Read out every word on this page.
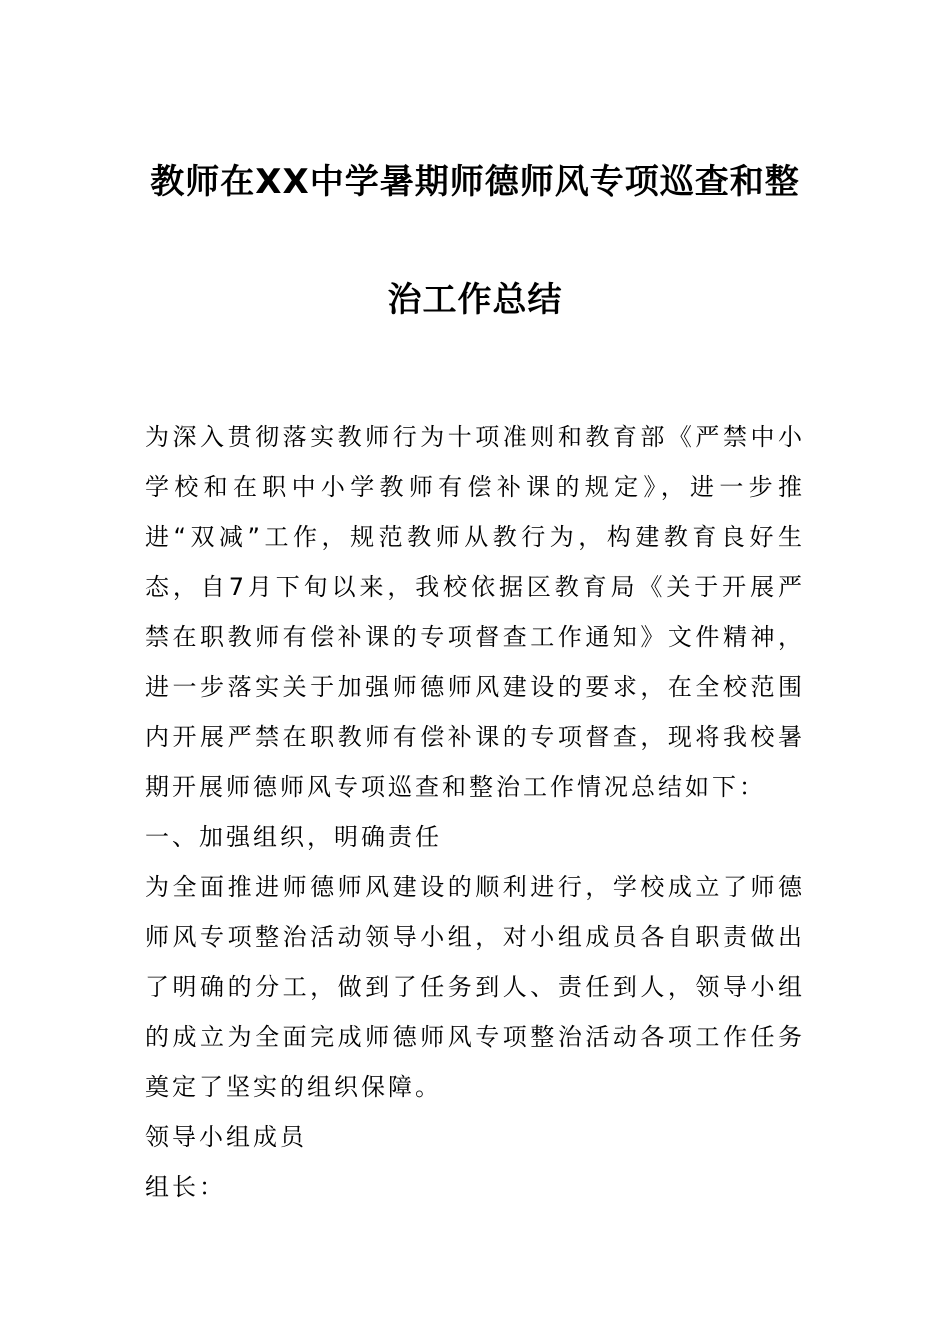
教师在XX中学暑期师德师风专项巡查和整
治工作总结

为深入贯彻落实教师行为十项准则和教育部《严禁中小学校和在职中小学教师有偿补课的规定》，进一步推进“双减”工作，规范教师从教行为，构建教育良好生态，自7月下旬以来，我校依据区教育局《关于开展严禁在职教师有偿补课的专项督查工作通知》文件精神，进一步落实关于加强师德师风建设的要求，在全校范围内开展严禁在职教师有偿补课的专项督查，现将我校暑期开展师德师风专项巡查和整治工作情况总结如下：

一、加强组织，明确责任

为全面推进师德师风建设的顺利进行，学校成立了师德师风专项整治活动领导小组，对小组成员各自职责做出了明确的分工，做到了任务到人、责任到人，领导小组的成立为全面完成师德师风专项整治活动各项工作任务奠定了坚实的组织保障。

领导小组成员

组长：
